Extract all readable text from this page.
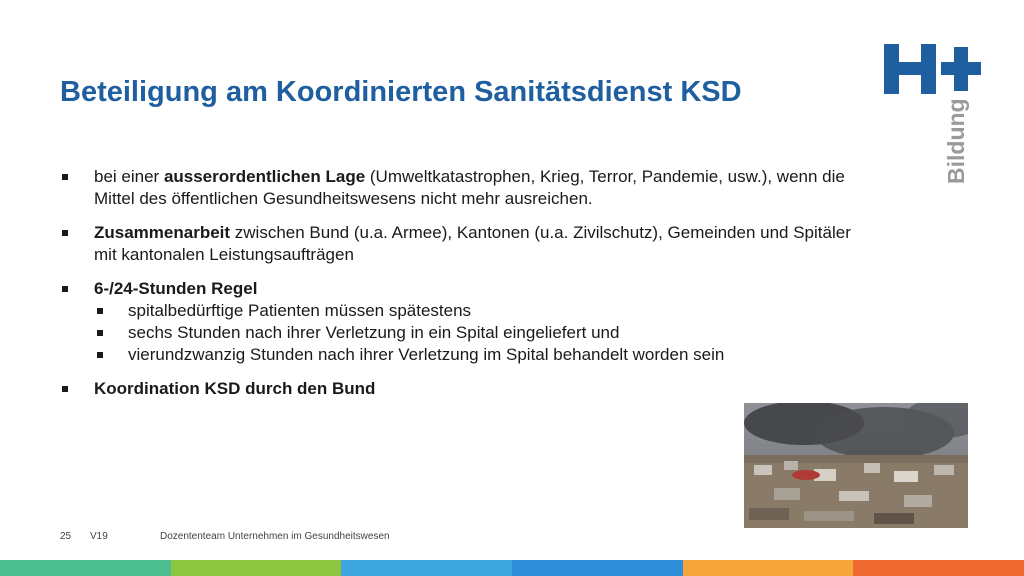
Beteiligung am Koordinierten Sanitätsdienst KSD
Bildung
bei einer ausserordentlichen Lage (Umweltkatastrophen, Krieg, Terror, Pandemie, usw.), wenn die Mittel des öffentlichen Gesundheitswesens nicht mehr ausreichen.
Zusammenarbeit zwischen Bund (u.a. Armee), Kantonen (u.a. Zivilschutz), Gemeinden und Spitäler mit kantonalen Leistungsaufträgen
6-/24-Stunden Regel
spitalbedürftige Patienten müssen spätestens
sechs Stunden nach ihrer Verletzung in ein Spital eingeliefert und
vierundzwanzig Stunden nach ihrer Verletzung im Spital behandelt worden sein
Koordination KSD durch den Bund
25 V19	Dozententeam Unternehmen im Gesundheitswesen
